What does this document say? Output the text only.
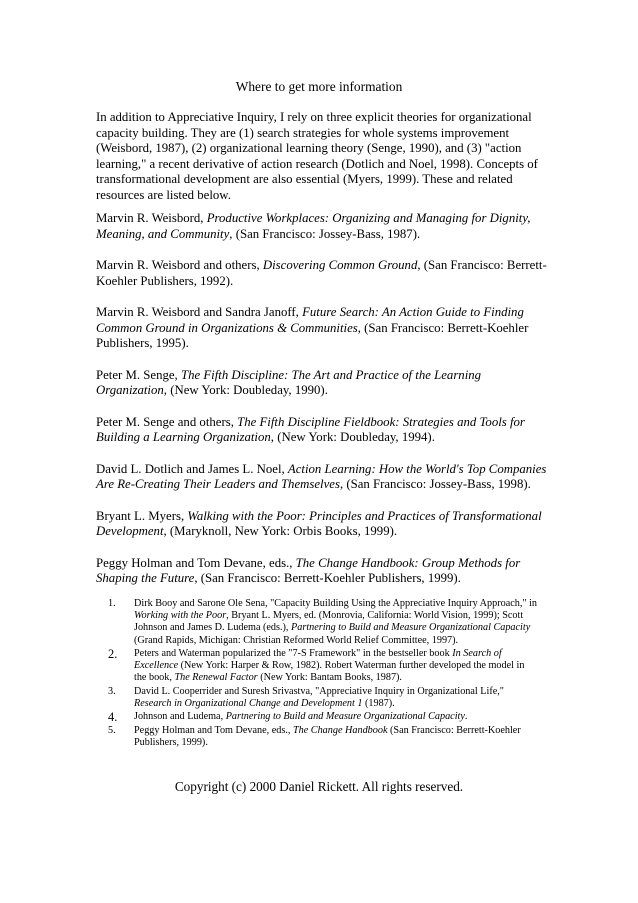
Where to get more information

In addition to Appreciative Inquiry, I rely on three explicit theories for organizational capacity building. They are (1) search strategies for whole systems improvement (Weisbord, 1987), (2) organizational learning theory (Senge, 1990), and (3) "action learning," a recent derivative of action research (Dotlich and Noel, 1998). Concepts of transformational development are also essential (Myers, 1999). These and related resources are listed below.

Marvin R. Weisbord, Productive Workplaces: Organizing and Managing for Dignity, Meaning, and Community, (San Francisco: Jossey-Bass, 1987).

Marvin R. Weisbord and others, Discovering Common Ground, (San Francisco: Berrett-Koehler Publishers, 1992).

Marvin R. Weisbord and Sandra Janoff, Future Search: An Action Guide to Finding Common Ground in Organizations & Communities, (San Francisco: Berrett-Koehler Publishers, 1995).

Peter M. Senge, The Fifth Discipline: The Art and Practice of the Learning Organization, (New York: Doubleday, 1990).

Peter M. Senge and others, The Fifth Discipline Fieldbook: Strategies and Tools for Building a Learning Organization, (New York: Doubleday, 1994).

David L. Dotlich and James L. Noel, Action Learning: How the World's Top Companies Are Re-Creating Their Leaders and Themselves, (San Francisco: Jossey-Bass, 1998).

Bryant L. Myers, Walking with the Poor: Principles and Practices of Transformational Development, (Maryknoll, New York: Orbis Books, 1999).

Peggy Holman and Tom Devane, eds., The Change Handbook: Group Methods for Shaping the Future, (San Francisco: Berrett-Koehler Publishers, 1999).

1. Dirk Booy and Sarone Ole Sena, "Capacity Building Using the Appreciative Inquiry Approach," in Working with the Poor, Bryant L. Myers, ed. (Monrovia, California: World Vision, 1999); Scott Johnson and James D. Ludema (eds.), Partnering to Build and Measure Organizational Capacity (Grand Rapids, Michigan: Christian Reformed World Relief Committee, 1997).
2. Peters and Waterman popularized the "7-S Framework" in the bestseller book In Search of Excellence (New York: Harper & Row, 1982). Robert Waterman further developed the model in the book, The Renewal Factor (New York: Bantam Books, 1987).
3. David L. Cooperrider and Suresh Srivastva, "Appreciative Inquiry in Organizational Life," Research in Organizational Change and Development 1 (1987).
4. Johnson and Ludema, Partnering to Build and Measure Organizational Capacity.
5. Peggy Holman and Tom Devane, eds., The Change Handbook (San Francisco: Berrett-Koehler Publishers, 1999).
Copyright (c) 2000 Daniel Rickett. All rights reserved.
